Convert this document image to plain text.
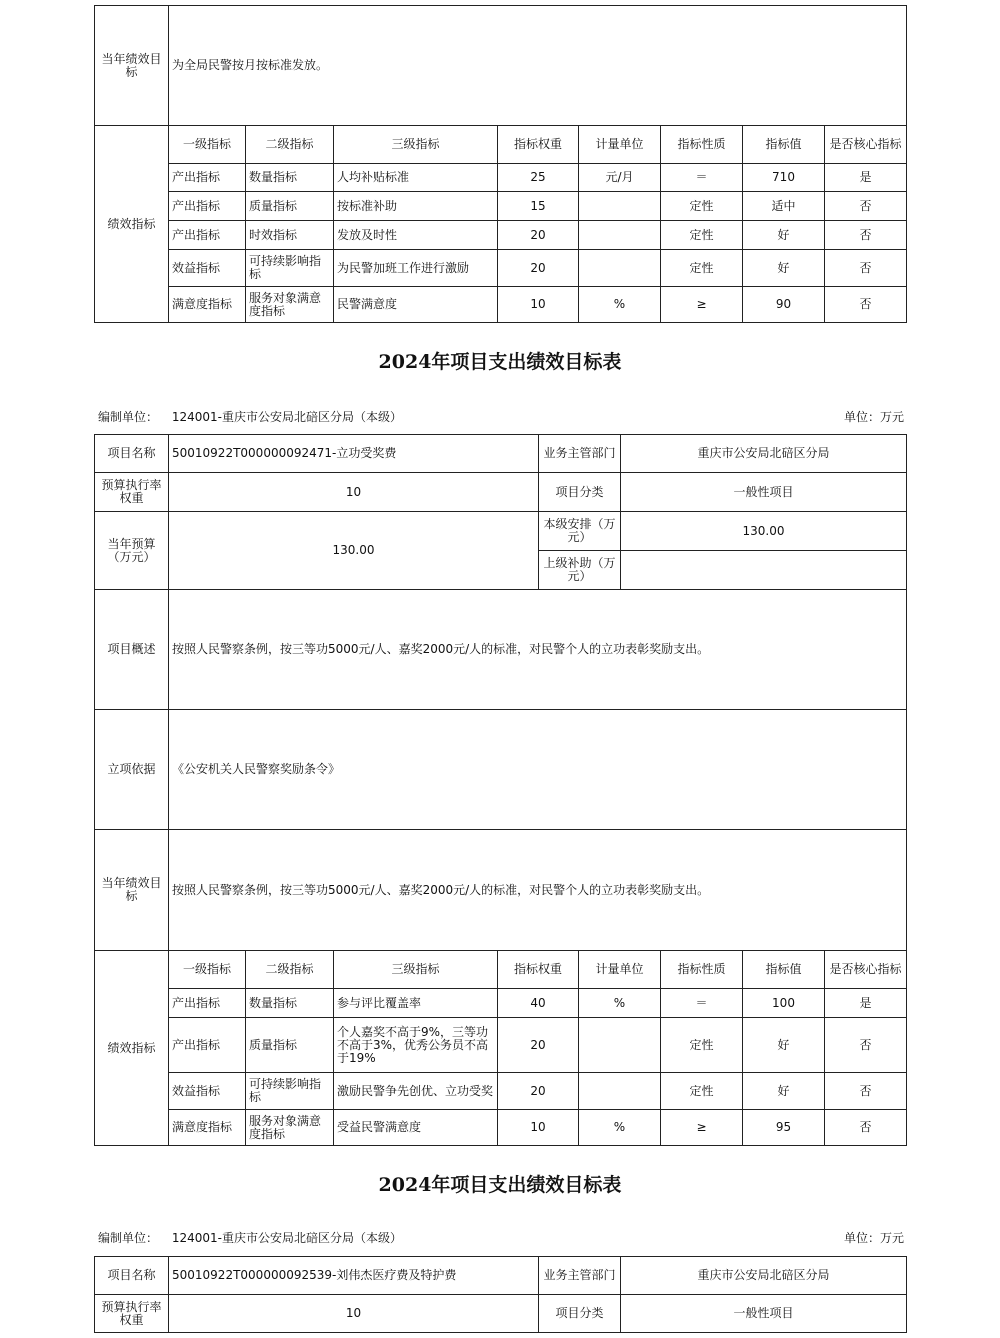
当年绩效目标	为全局民警按月按标准发放。							
绩效指标	一级指标	二级指标	三级指标	指标权重	计量单位	指标性质	指标值	是否核心指标
	产出指标	数量指标	人均补贴标准	25	元/月	＝	710	是
	产出指标	质量指标	按标准补助	15		定性	适中	否
	产出指标	时效指标	发放及时性	20		定性	好	否
	效益指标	可持续影响指标	为民警加班工作进行激励	20		定性	好	否
	满意度指标	服务对象满意度指标	民警满意度	10	%	≥	90	否
2024年项目支出绩效目标表
编制单位： 124001-重庆市公安局北碚区分局（本级）	单位：万元
项目名称	50010922T000000092471-立功受奖费	业务主管部门	重庆市公安局北碚区分局
预算执行率权重	10	项目分类	一般性项目
当年预算（万元）	130.00	本级安排（万元）	130.00
		上级补助（万元）	
项目概述	按照人民警察条例，按三等功5000元/人、嘉奖2000元/人的标准，对民警个人的立功表彰奖励支出。		
立项依据	《公安机关人民警察奖励条令》		
当年绩效目标	按照人民警察条例，按三等功5000元/人、嘉奖2000元/人的标准，对民警个人的立功表彰奖励支出。		
绩效指标	一级指标	二级指标	三级指标	指标权重	计量单位	指标性质	指标值	是否核心指标
	产出指标	数量指标	参与评比覆盖率	40	%	＝	100	是
	产出指标	质量指标	个人嘉奖不高于9%，三等功不高于3%，优秀公务员不高于19%	20		定性	好	否
	效益指标	可持续影响指标	激励民警争先创优、立功受奖	20		定性	好	否
	满意度指标	服务对象满意度指标	受益民警满意度	10	%	≥	95	否
2024年项目支出绩效目标表
编制单位： 124001-重庆市公安局北碚区分局（本级）	单位：万元
项目名称	50010922T000000092539-刘伟杰医疗费及特护费	业务主管部门	重庆市公安局北碚区分局
预算执行率权重	10	项目分类	一般性项目
